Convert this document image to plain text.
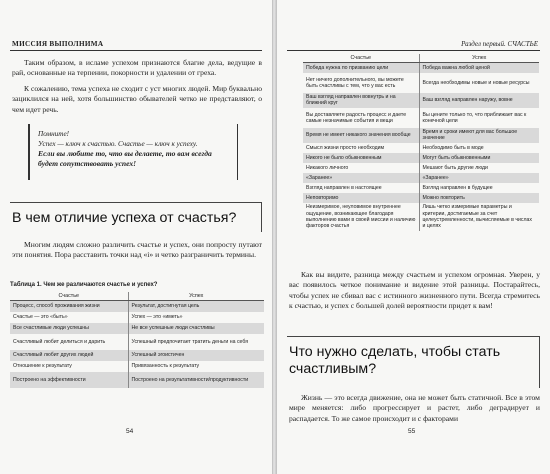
МИССИЯ ВЫПОЛНИМА
Таким образом, в исламе успехом признаются благие дела, ведущие в рай, основанные на терпении, покорности и удалении от греха.
К сожалению, тема успеха не сходит с уст многих людей. Мир буквально зациклился на ней, хотя большинство обывателей четко не представляют, о чем идет речь.
Помните!
Успех — ключ к счастью. Счастье — ключ к успеху.
Если вы любите то, что вы делаете, то вам всегда будет сопутствовать успех!
В чем отличие успеха от счастья?
Многим людям сложно различить счастье и успех, они попросту путают эти понятия. Пора расставить точки над «i» и четко разграничить термины.
Таблица 1. Чем же различаются счастье и успех?
Счастье	Успех
Процесс, способ проживания жизни	Результат, достигнутая цель
Счастье — это «быть»	Успех — это «иметь»
Все счастливые люди успешны	Не все успешные люди счастливы
Счастливый любит делиться и дарить	Успешный предпочитает тратить деньги на себя
Счастливый любит других людей	Успешный эгоистичен
Отношение к результату	Привязанность к результату
Построено на эффективности	Построено на результативности/продуктивности
54
Раздел первый. СЧАСТЬЕ
Счастье	Успех
Победа нужна по призванию цели	Победа важна любой ценой
Нет ничего дополнительного, вы можете быть счастливы с тем, что у вас есть	Всегда необходимы новые и новые ресурсы
Ваш взгляд направлен вовнутрь и на ближний круг	Ваш взгляд направлен наружу, вовне
Вы доставляете радость процесс и даете самые незначимые события и вещи	Вы цените только то, что приближает вас к конечной цели
Время не имеет никакого значения вообще	Время и сроки имеют для вас большое значение
Смысл жизни просто необходим	Необходимо быть в моде
Никого не было обыкновенным	Могут быть обыкновенными
Никакого личного	Мешают быть другие люди
«Заранее»	«Заранее»
Взгляд направлен в настоящее	Взгляд направлен в будущее
Неповторимо	Можно повторить
Неизмеримое, неуловимое внутреннее ощущение, возникающее благодаря выполнению вами в своей миссии и наличию факторов счастья	Лишь четко измеримые параметры и критерии, достигаемые за счет целеустремленности, вычисляемые в числах и целях
Как вы видите, разница между счастьем и успехом огромная. Уверен, у вас появилось четкое понимание и видение этой разницы. Постарайтесь, чтобы успех не сбивал вас с истинного жизненного пути. Всегда стремитесь к счастью, и успех с большей долей вероятности придет к вам!
Что нужно сделать, чтобы стать счастливым?
Жизнь — это всегда движение, она не может быть статичной. Все в этом мире меняется: либо прогрессирует и растет, либо деградирует и распадается. То же самое происходит и с факторами
55
